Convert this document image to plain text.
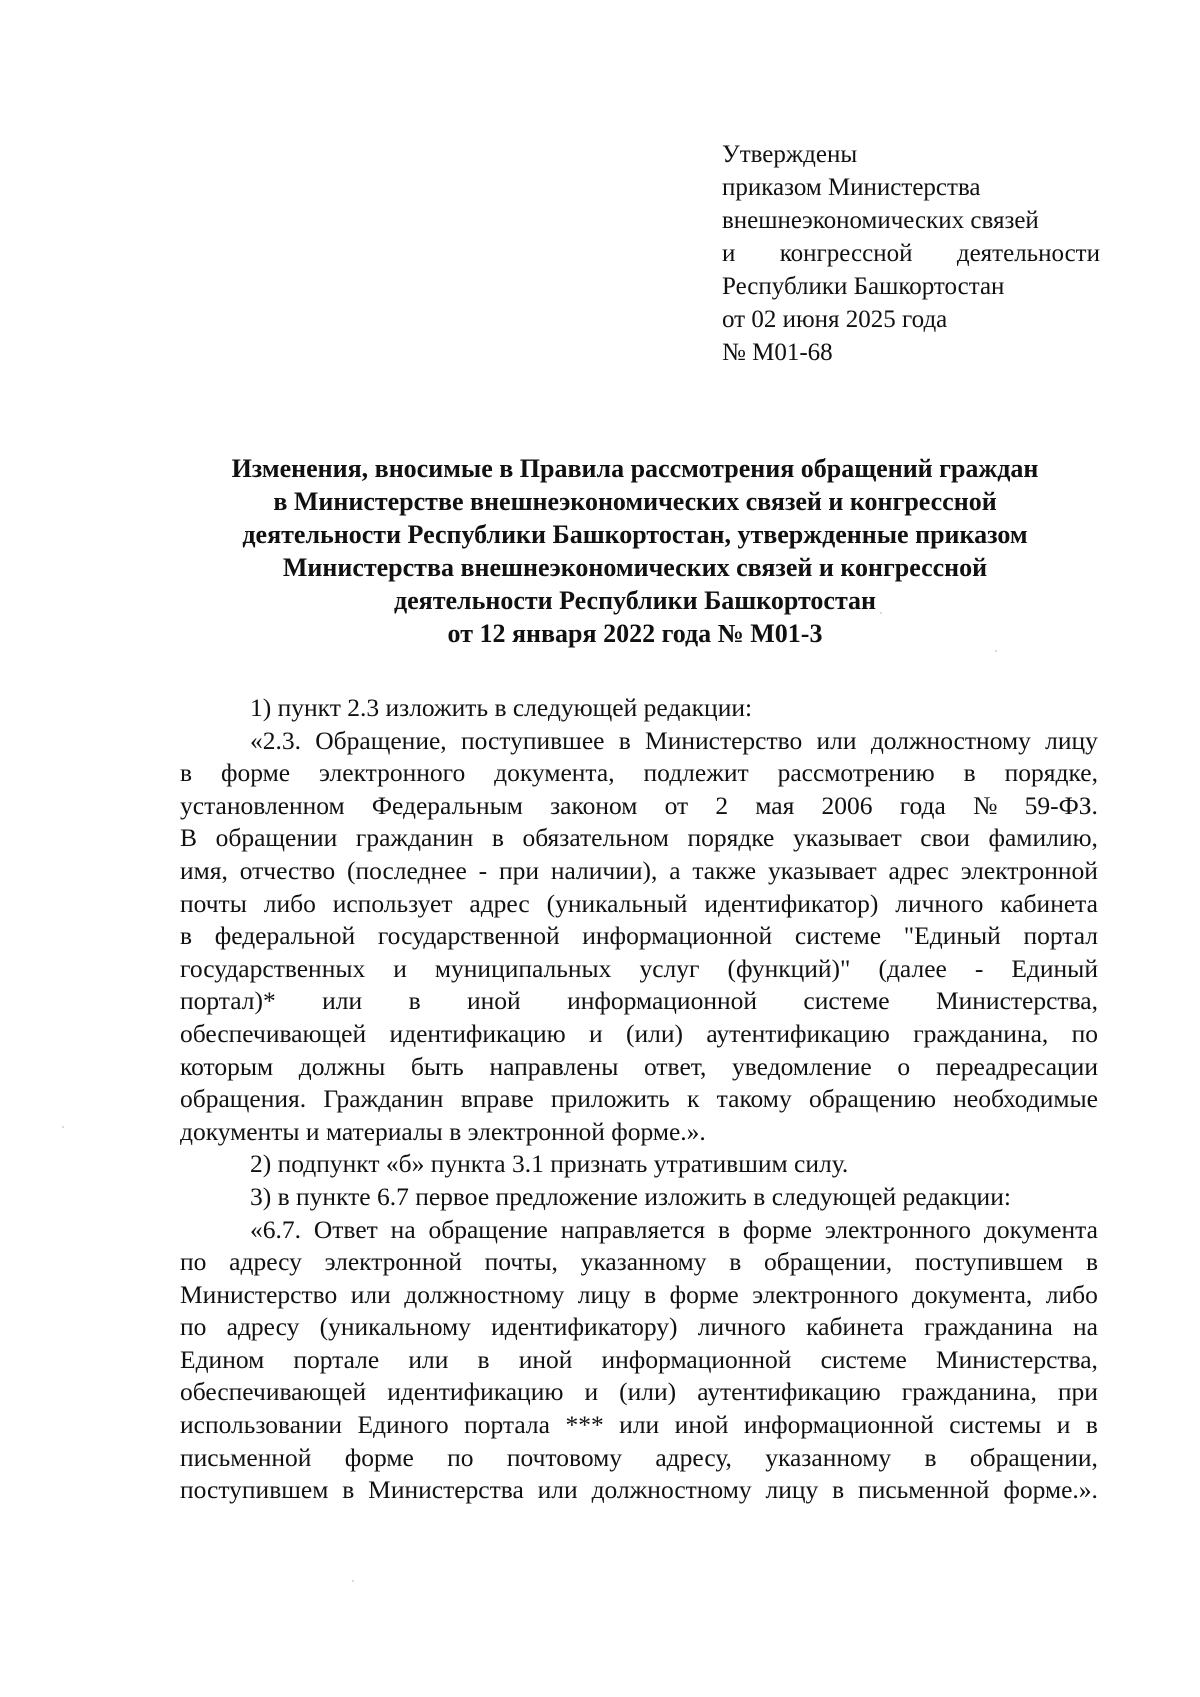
Утверждены
приказом Министерства
внешнеэкономических связей
и конгрессной деятельности
Республики Башкортостан
от 02 июня 2025 года
№ М01-68
Изменения, вносимые в Правила рассмотрения обращений граждан
в Министерстве внешнеэкономических связей и конгрессной
деятельности Республики Башкортостан, утвержденные приказом
Министерства внешнеэкономических связей и конгрессной
деятельности Республики Башкортостан
от 12 января 2022 года № М01-3
1) пункт 2.3 изложить в следующей редакции:
«2.3. Обращение, поступившее в Министерство или должностному лицу
в форме электронного документа, подлежит рассмотрению в порядке,
установленном Федеральным законом от 2 мая 2006 года № 59-ФЗ.
В обращении гражданин в обязательном порядке указывает свои фамилию,
имя, отчество (последнее - при наличии), а также указывает адрес электронной
почты либо использует адрес (уникальный идентификатор) личного кабинета
в федеральной государственной информационной системе "Единый портал
государственных и муниципальных услуг (функций)" (далее - Единый
портал)* или в иной информационной системе Министерства,
обеспечивающей идентификацию и (или) аутентификацию гражданина, по
которым должны быть направлены ответ, уведомление о переадресации
обращения. Гражданин вправе приложить к такому обращению необходимые
документы и материалы в электронной форме.».
2) подпункт «б» пункта 3.1 признать утратившим силу.
3) в пункте 6.7 первое предложение изложить в следующей редакции:
«6.7. Ответ на обращение направляется в форме электронного документа
по адресу электронной почты, указанному в обращении, поступившем в
Министерство или должностному лицу в форме электронного документа, либо
по адресу (уникальному идентификатору) личного кабинета гражданина на
Едином портале или в иной информационной системе Министерства,
обеспечивающей идентификацию и (или) аутентификацию гражданина, при
использовании Единого портала *** или иной информационной системы и в
письменной форме по почтовому адресу, указанному в обращении,
поступившем в Министерства или должностному лицу в письменной форме.».
